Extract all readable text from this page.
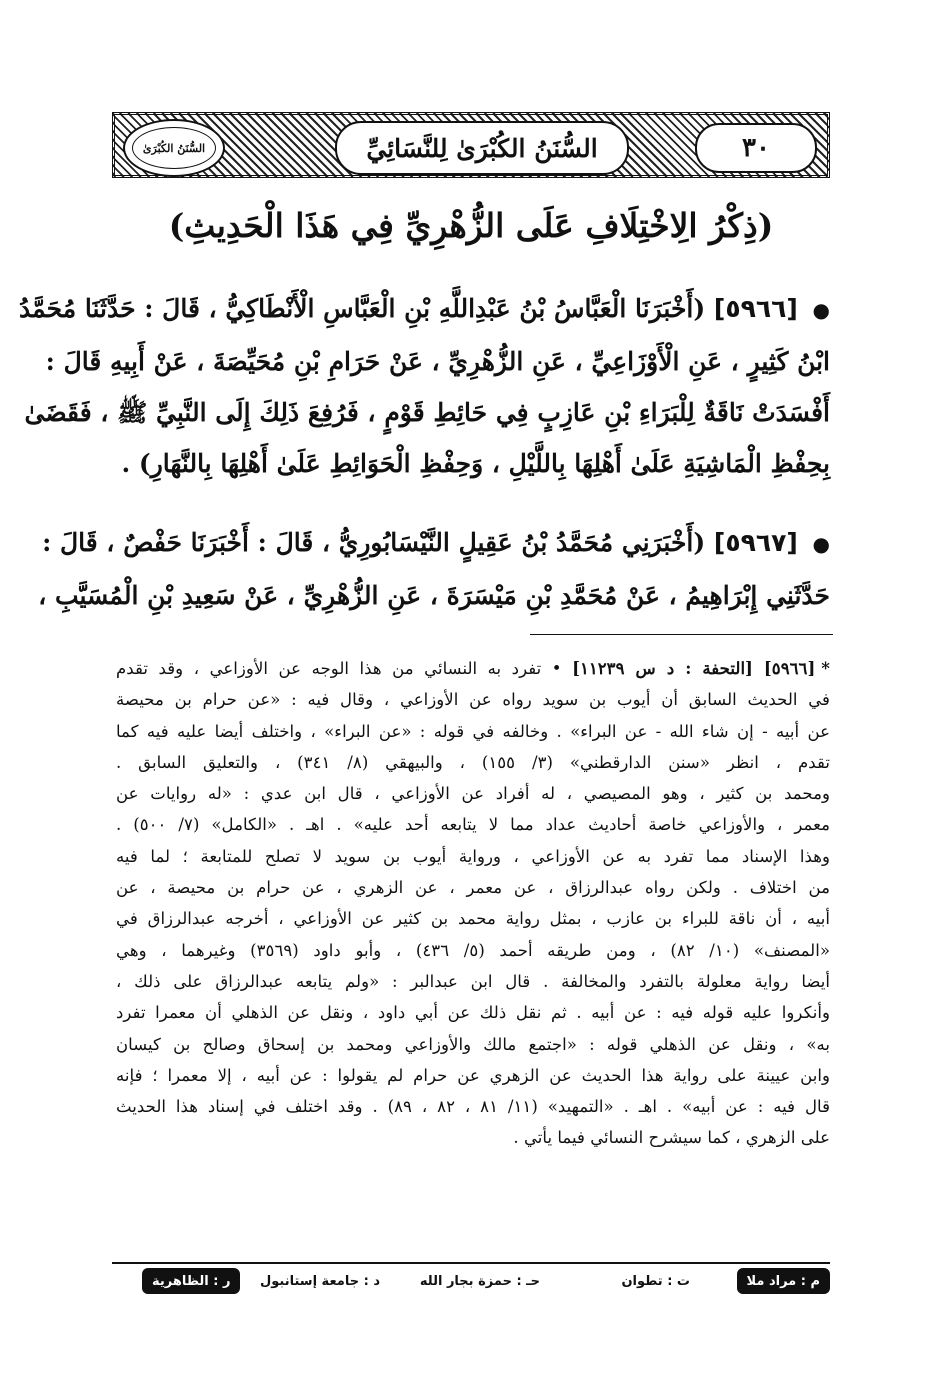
٣٠
السُّنَنُ الكُبْرَىٰ لِلنَّسَائِيِّ
السُّنَنُ الكُبْرَىٰ
(ذِكْرُ الِاخْتِلَافِ عَلَى الزُّهْرِيِّ فِي هَذَا الْحَدِيثِ)
● [٥٩٦٦] (أَخْبَرَنَا الْعَبَّاسُ بْنُ عَبْدِاللَّهِ بْنِ الْعَبَّاسِ الْأَنْطَاكِيُّ ، قَالَ : حَدَّثَنَا مُحَمَّدُ
ابْنُ كَثِيرٍ ، عَنِ الْأَوْزَاعِيِّ ، عَنِ الزُّهْرِيِّ ، عَنْ حَرَامِ بْنِ مُحَيِّصَةَ ، عَنْ أَبِيهِ قَالَ :
أَفْسَدَتْ نَاقَةٌ لِلْبَرَاءِ بْنِ عَازِبٍ فِي حَائِطِ قَوْمٍ ، فَرُفِعَ ذَلِكَ إِلَى النَّبِيِّ ﷺ ، فَقَضَىٰ
بِحِفْظِ الْمَاشِيَةِ عَلَىٰ أَهْلِهَا بِاللَّيْلِ ، وَحِفْظِ الْحَوَائِطِ عَلَىٰ أَهْلِهَا بِالنَّهَارِ) .
● [٥٩٦٧] (أَخْبَرَنِي مُحَمَّدُ بْنُ عَقِيلٍ النَّيْسَابُورِيُّ ، قَالَ : أَخْبَرَنَا حَفْصٌ ، قَالَ :
حَدَّثَنِي إِبْرَاهِيمُ ، عَنْ مُحَمَّدِ بْنِ مَيْسَرَةَ ، عَنِ الزُّهْرِيِّ ، عَنْ سَعِيدِ بْنِ الْمُسَيَّبِ ،
*[٥٩٦٦] [التحفة : د س ١١٢٣٩] • تفرد به النسائي من هذا الوجه عن الأوزاعي ، وقد تقدم
في الحديث السابق أن أيوب بن سويد رواه عن الأوزاعي ، وقال فيه : «عن حرام بن محيصة
عن أبيه - إن شاء الله - عن البراء» . وخالفه في قوله : «عن البراء» ، واختلف أيضا عليه فيه كما
تقدم ، انظر «سنن الدارقطني» (٣/ ١٥٥) ، والبيهقي (٨/ ٣٤١) ، والتعليق السابق .
ومحمد بن كثير ، وهو المصيصي ، له أفراد عن الأوزاعي ، قال ابن عدي : «له روايات عن
معمر ، والأوزاعي خاصة أحاديث عداد مما لا يتابعه أحد عليه» . اهـ . «الكامل» (٧/ ٥٠٠) .
وهذا الإسناد مما تفرد به عن الأوزاعي ، ورواية أيوب بن سويد لا تصلح للمتابعة ؛ لما فيه
من اختلاف . ولكن رواه عبدالرزاق ، عن معمر ، عن الزهري ، عن حرام بن محيصة ، عن
أبيه ، أن ناقة للبراء بن عازب ، بمثل رواية محمد بن كثير عن الأوزاعي ، أخرجه عبدالرزاق في
«المصنف» (١٠/ ٨٢) ، ومن طريقه أحمد (٥/ ٤٣٦) ، وأبو داود (٣٥٦٩) وغيرهما ، وهي
أيضا رواية معلولة بالتفرد والمخالفة . قال ابن عبدالبر : «ولم يتابعه عبدالرزاق على ذلك ،
وأنكروا عليه قوله فيه : عن أبيه . ثم نقل ذلك عن أبي داود ، ونقل عن الذهلي أن معمرا تفرد
به» ، ونقل عن الذهلي قوله : «اجتمع مالك والأوزاعي ومحمد بن إسحاق وصالح بن كيسان
وابن عيينة على رواية هذا الحديث عن الزهري عن حرام لم يقولوا : عن أبيه ، إلا معمرا ؛ فإنه
قال فيه : عن أبيه» . اهـ . «التمهيد» (١١/ ٨١ ، ٨٢ ، ٨٩) . وقد اختلف في إسناد هذا الحديث
على الزهري ، كما سيشرح النسائي فيما يأتي .
م : مراد ملا
ت : تطوان
حـ : حمزة بجار الله
د : جامعة إستانبول
ر : الظاهرية
